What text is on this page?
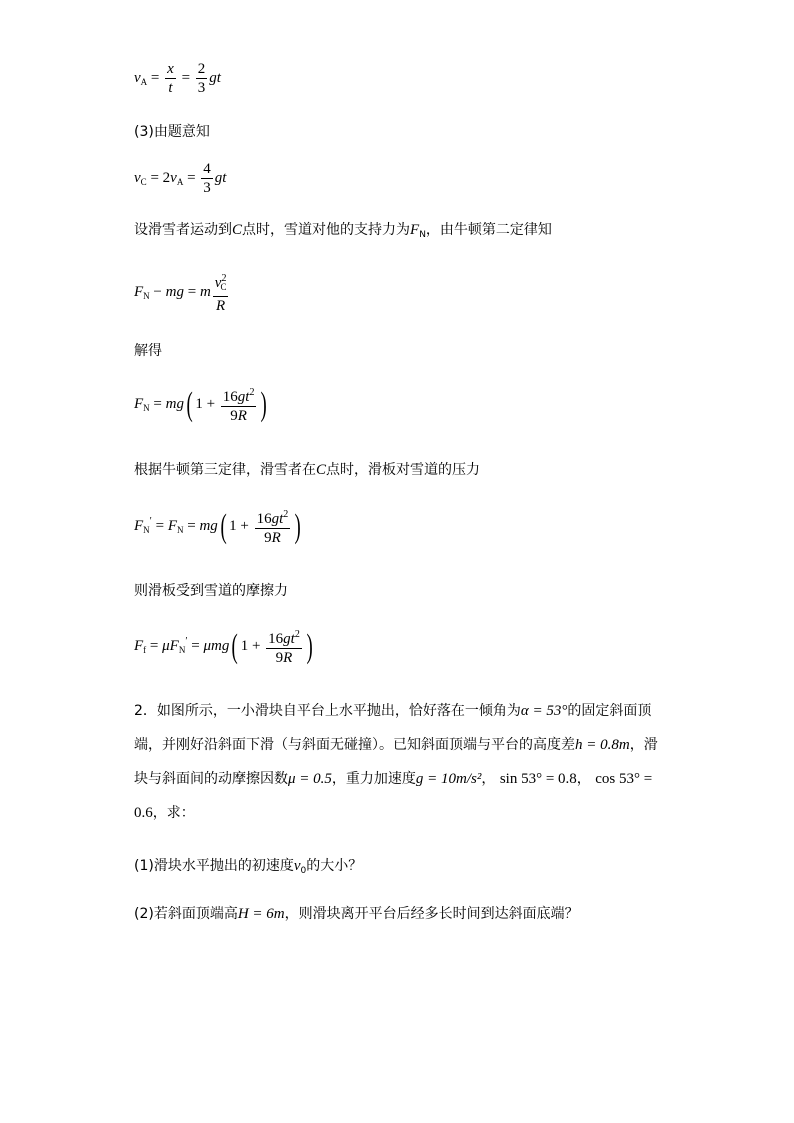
$v_A = \frac{x}{t} = \frac{2}{3}$ gt
(3)由题意知
$v_C = 2v_A = \frac{4}{3}$ gt
设滑雪者运动到C点时，雪道对他的支持力为$F_N$，由牛顿第二定律知
$F_N$ − mg = m $\frac{v^2_C}{R}$
解得
$F_N = mg$( $1 + \frac{16gt^2}{9R}$ )
根据牛顿第三定律，滑雪者在C点时，滑板对雪道的压力
$F_N' = F_N = mg$( $1 + \frac{16gt^2}{9R}$ )
则滑板受到雪道的摩擦力
$F_f = \mu F_N' = \mu mg$( $1 + \frac{16gt^2}{9R}$ )
2．如图所示，一小滑块自平台上水平抛出，恰好落在一倾角为α = 53°的固定斜面顶端，并刚好沿斜面下滑（与斜面无碰撞）。已知斜面顶端与平台的高度差h = 0.8m，滑块与斜面间的动摩擦因数μ = 0.5，重力加速度g = 10m/s²， sin 53° = 0.8， cos 53° = 0.6，求：
(1)滑块水平抛出的初速度$v_0$的大小？
(2)若斜面顶端高H = 6m，则滑块离开平台后经多长时间到达斜面底端？
